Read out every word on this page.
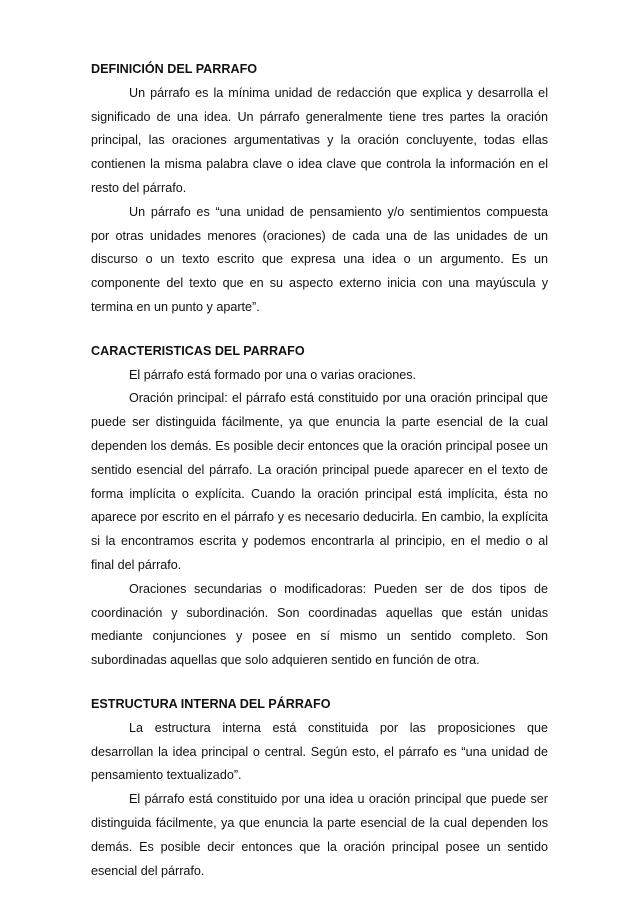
DEFINICIÓN DEL PARRAFO

Un párrafo es la mínima unidad de redacción que explica y desarrolla el significado de una idea. Un párrafo generalmente tiene tres partes la oración principal, las oraciones argumentativas y la oración concluyente, todas ellas contienen la misma palabra clave o idea clave que controla la información en el resto del párrafo.

Un párrafo es “una unidad de pensamiento y/o sentimientos compuesta por otras unidades menores (oraciones) de cada una de las unidades de un discurso o un texto escrito que expresa una idea o un argumento. Es un componente del texto que en su aspecto externo inicia con una mayúscula y termina en un punto y aparte”.

CARACTERISTICAS DEL PARRAFO

El párrafo está formado por una o varias oraciones.

Oración principal: el párrafo está constituido por una oración principal que puede ser distinguida fácilmente, ya que enuncia la parte esencial de la cual dependen los demás. Es posible decir entonces que la oración principal posee un sentido esencial del párrafo. La oración principal puede aparecer en el texto de forma implícita o explícita. Cuando la oración principal está implícita, ésta no aparece por escrito en el párrafo y es necesario deducirla. En cambio, la explícita si la encontramos escrita y podemos encontrarla al principio, en el medio o al final del párrafo.

Oraciones secundarias o modificadoras: Pueden ser de dos tipos de coordinación y subordinación. Son coordinadas aquellas que están unidas mediante conjunciones y posee en sí mismo un sentido completo. Son subordinadas aquellas que solo adquieren sentido en función de otra.

ESTRUCTURA INTERNA DEL PÁRRAFO

La estructura interna está constituida por las proposiciones que desarrollan la idea principal o central. Según esto, el párrafo es “una unidad de pensamiento textualizado”.

El párrafo está constituido por una idea u oración principal que puede ser distinguida fácilmente, ya que enuncia la parte esencial de la cual dependen los demás. Es posible decir entonces que la oración principal posee un sentido esencial del párrafo.
